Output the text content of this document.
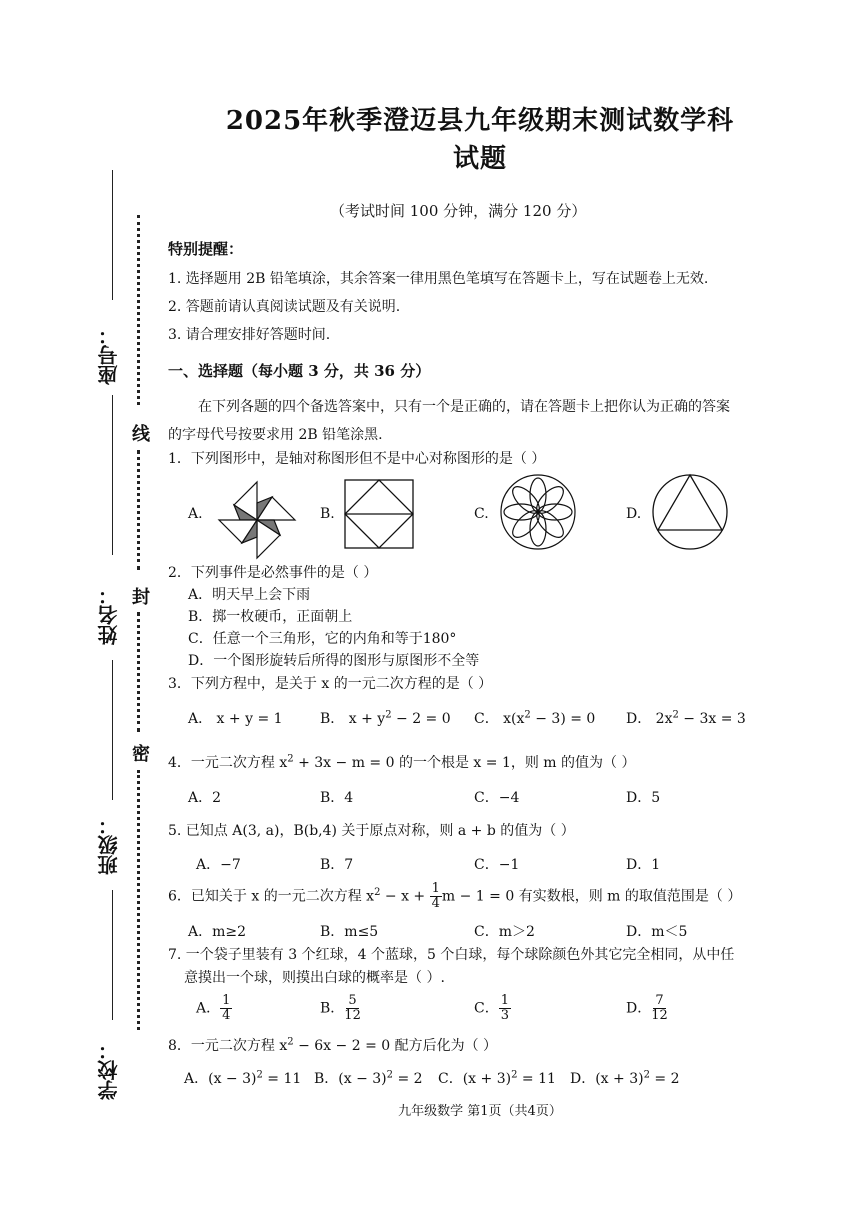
座号：
姓名：
班级：
学校：
线
封
密
2025年秋季澄迈县九年级期末测试数学科
试题
（考试时间 100 分钟，满分 120 分）
特别提醒：
1. 选择题用 2B 铅笔填涂，其余答案一律用黑色笔填写在答题卡上，写在试题卷上无效.
2. 答题前请认真阅读试题及有关说明.
3. 请合理安排好答题时间.
一、选择题（每小题 3 分，共 36 分）
在下列各题的四个备选答案中，只有一个是正确的，请在答题卡上把你认为正确的答案
的字母代号按要求用 2B 铅笔涂黑.
1．下列图形中，是轴对称图形但不是中心对称图形的是（ ）
A.	B.	C.	D.
2．下列事件是必然事件的是（ ）
A．明天早上会下雨
B．掷一枚硬币，正面朝上
C．任意一个三角形，它的内角和等于180°
D．一个图形旋转后所得的图形与原图形不全等
3．下列方程中，是关于 x 的一元二次方程的是（ ）
A． x + y = 1	B． $x + y^2 - 2 = 0$ C． $x(x^2 - 3) = 0$ D． $2x^2 - 3x = 3$
4．一元二次方程 $x^2 + 3x - m = 0$ 的一个根是 x = 1，则 m 的值为（ ）
A．2	B．4	C．−4	D．5
5. 已知点 A(3, a)，B(b,4) 关于原点对称，则 a + b 的值为（ ）
A．−7	B．7	C．−1	D．1
6．已知关于 x 的一元二次方程 $x^2 - x + \frac{1}{4}$ m − 1 = 0 有实数根，则 m 的取值范围是（ ）
A．m≥2	B．m≤5	C．m＞2	D．m＜5
7. 一个袋子里装有 3 个红球，4 个蓝球，5 个白球，每个球除颜色外其它完全相同，从中任
意摸出一个球，则摸出白球的概率是（ ）.
A． $\frac{1}{4}$	B． $\frac{5}{12}$	C． $\frac{1}{3}$	D． $\frac{7}{12}$
8．一元二次方程 $x^2 - 6x - 2 = 0$ 配方后化为（ ）
A．$(x - 3)^2 = 11$ B．$(x - 3)^2 = 2$ C．$(x + 3)^2 = 11$ D．$(x + 3)^2 = 2$
九年级数学 第1页（共4页）
